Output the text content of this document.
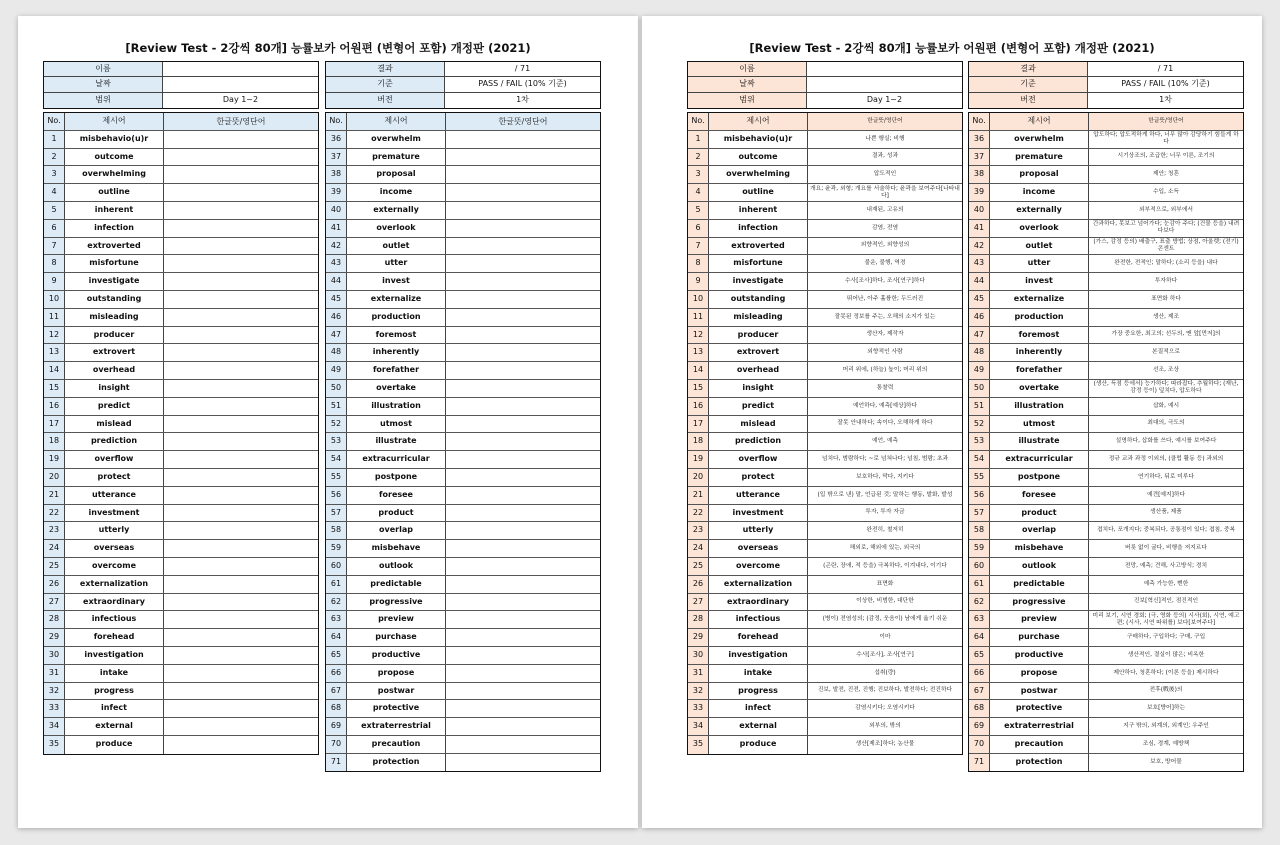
[Review Test - 2강씩 80개] 능률보카 어원편 (변형어 포함) 개정판 (2021)
이름
날짜
범위	Day 1~2
결과	/ 71
기준	PASS / FAIL (10% 기준)
버전	1차
No.	제시어	한글뜻/영단어
1	misbehavio(u)r
2	outcome
3	overwhelming
4	outline
5	inherent
6	infection
7	extroverted
8	misfortune
9	investigate
10	outstanding
11	misleading
12	producer
13	extrovert
14	overhead
15	insight
16	predict
17	mislead
18	prediction
19	overflow
20	protect
21	utterance
22	investment
23	utterly
24	overseas
25	overcome
26	externalization
27	extraordinary
28	infectious
29	forehead
30	investigation
31	intake
32	progress
33	infect
34	external
35	produce
No.	제시어	한글뜻/영단어
36	overwhelm
37	premature
38	proposal
39	income
40	externally
41	overlook
42	outlet
43	utter
44	invest
45	externalize
46	production
47	foremost
48	inherently
49	forefather
50	overtake
51	illustration
52	utmost
53	illustrate
54	extracurricular
55	postpone
56	foresee
57	product
58	overlap
59	misbehave
60	outlook
61	predictable
62	progressive
63	preview
64	purchase
65	productive
66	propose
67	postwar
68	protective
69	extraterrestrial
70	precaution
71	protection
[Review Test - 2강씩 80개] 능률보카 어원편 (변형어 포함) 개정판 (2021)
이름
날짜
범위	Day 1~2
결과	/ 71
기준	PASS / FAIL (10% 기준)
버전	1차
No.	제시어	한글뜻/영단어
1	misbehavio(u)r	나쁜 행실; 비행
2	outcome	결과, 성과
3	overwhelming	압도적인
4	outline	개요; 윤곽, 외형; 개요를 서술하다; 윤곽을 보여주다[나타내다]
5	inherent	내재된, 고유의
6	infection	감염, 전염
7	extroverted	외향적인, 외향성의
8	misfortune	불운, 불행, 역경
9	investigate	수사[조사]하다, 조사[연구]하다
10	outstanding	뛰어난, 아주 훌륭한; 두드러진
11	misleading	잘못된 정보를 주는, 오해의 소지가 있는
12	producer	생산자, 제작자
13	extrovert	외향적인 사람
14	overhead	머리 위에, (하늘) 높이; 머리 위의
15	insight	통찰력
16	predict	예언하다, 예측[예상]하다
17	mislead	잘못 안내하다; 속이다, 오해하게 하다
18	prediction	예언, 예측
19	overflow	넘치다, 범람하다; ~로 넘쳐나다; 넘침, 범람; 초과
20	protect	보호하다, 막다, 지키다
21	utterance	(입 밖으로 낸) 말, 언급된 것; 말하는 행동, 발화, 발성
22	investment	투자, 투자 자금
23	utterly	완전히, 철저히
24	overseas	해외로, 해외에 있는, 외국의
25	overcome	(곤란, 장애, 적 등을) 극복하다, 이겨내다, 이기다
26	externalization	표면화
27	extraordinary	이상한, 비범한, 대단한
28	infectious	(병이) 전염성의; (감정, 웃음이) 남에게 옮기 쉬운
29	forehead	이마
30	investigation	수사[조사], 조사[연구]
31	intake	섭취(량)
32	progress	진보, 발전, 진전, 진행; 진보하다, 발전하다; 전진하다
33	infect	감염시키다; 오염시키다
34	external	외부의, 밖의
35	produce	생산[제조]하다; 농산물
No.	제시어	한글뜻/영단어
36	overwhelm	압도하다; 압도적하게 하다, 너무 많아 감당하기 힘들게 하다
37	premature	시기상조의, 조급한; 너무 이른, 조기의
38	proposal	제안; 청혼
39	income	수입, 소득
40	externally	외부적으로, 외부에서
41	overlook	간과하다, 못보고 넘어가다; 눈감아 주다; (건물 등을) 내려다보다
42	outlet	(가스, 감정 등의) 배출구, 표출 방법; 상점, 아울렛; (전기) 콘센트
43	utter	완전한, 전적인; 말하다; (소리 등을) 내다
44	invest	투자하다
45	externalize	표면화 하다
46	production	생산, 제조
47	foremost	가장 중요한, 최고의; 선두의, 맨 앞[먼저]의
48	inherently	본질적으로
49	forefather	선조, 조상
50	overtake	(생산, 득점 등에서) 능가하다; 따라잡다, 추월하다; (재난, 감정 등이) 덮치다, 압도하다
51	illustration	삽화, 예시
52	utmost	최대의, 극도의
53	illustrate	설명하다, 삽화를 쓰다, 예시를 보여주다
54	extracurricular	정규 교과 과정 이외의, (클럽 활동 등) 과외의
55	postpone	연기하다, 뒤로 미루다
56	foresee	예견[예지]하다
57	product	생산품, 제품
58	overlap	겹치다, 포개지다; 중복되다, 공통점이 있다; 겹침, 중복
59	misbehave	버릇 없이 굴다, 비행을 저지르다
60	outlook	전망, 예측; 견해, 사고방식; 경치
61	predictable	예측 가능한, 뻔한
62	progressive	진보[혁신]적인, 점진적인
63	preview	미리 보기, 시연 경회; (극, 영화 등의) 시사(회), 시연, 예고편; (시사, 시연 따위를) 보다[보여주다]
64	purchase	구매하다, 구입하다; 구매, 구입
65	productive	생산적인, 결실이 많은; 비옥한
66	propose	제안하다, 청혼하다; (이론 등을) 제시하다
67	postwar	전후(戰後)의
68	protective	보호[방어]하는
69	extraterrestrial	지구 밖의, 외계의, 외계인; 우주인
70	precaution	조심, 경계, 예방책
71	protection	보호, 방어물
